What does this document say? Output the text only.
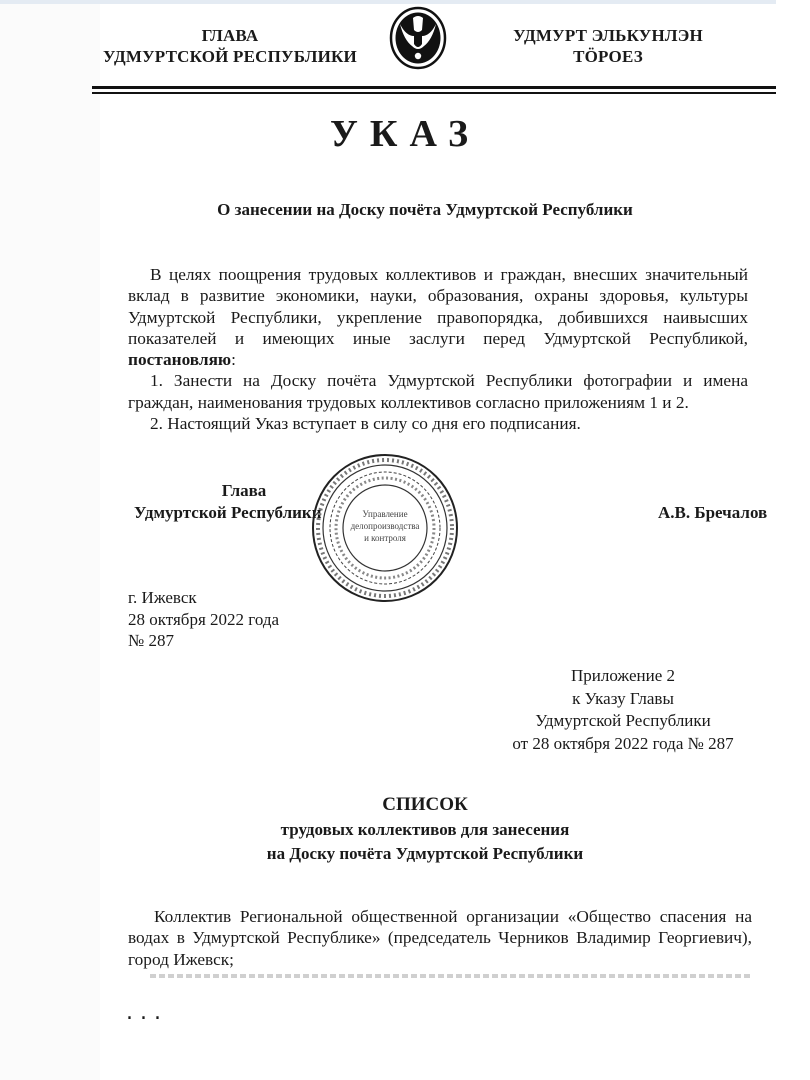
ГЛАВА
УДМУРТСКОЙ РЕСПУБЛИКИ
УДМУРТ ЭЛЬКУНЛЭН
ТӦРОЕЗ
УКАЗ
О занесении на Доску почёта Удмуртской Республики

В целях поощрения трудовых коллективов и граждан, внесших значительный вклад в развитие экономики, науки, образования, охраны здоровья, культуры Удмуртской Республики, укрепление правопорядка, добившихся наивысших показателей и имеющих иные заслуги перед Удмуртской Республикой, постановляю:

1. Занести на Доску почёта Удмуртской Республики фотографии и имена граждан, наименования трудовых коллективов согласно приложениям 1 и 2.

2. Настоящий Указ вступает в силу со дня его подписания.

Глава
Удмуртской Республики	Управление
делопроизводства
и контроля
А.В. Бречалов
г. Ижевск
28 октября 2022 года
№ 287
Приложение 2
к Указу Главы
Удмуртской Республики
от 28 октября 2022 года № 287
СПИСОК
трудовых коллективов для занесения
на Доску почёта Удмуртской Республики

Коллектив Региональной общественной организации «Общество спасения на водах в Удмуртской Республике» (председатель Черников Владимир Георгиевич), город Ижевск;

...
